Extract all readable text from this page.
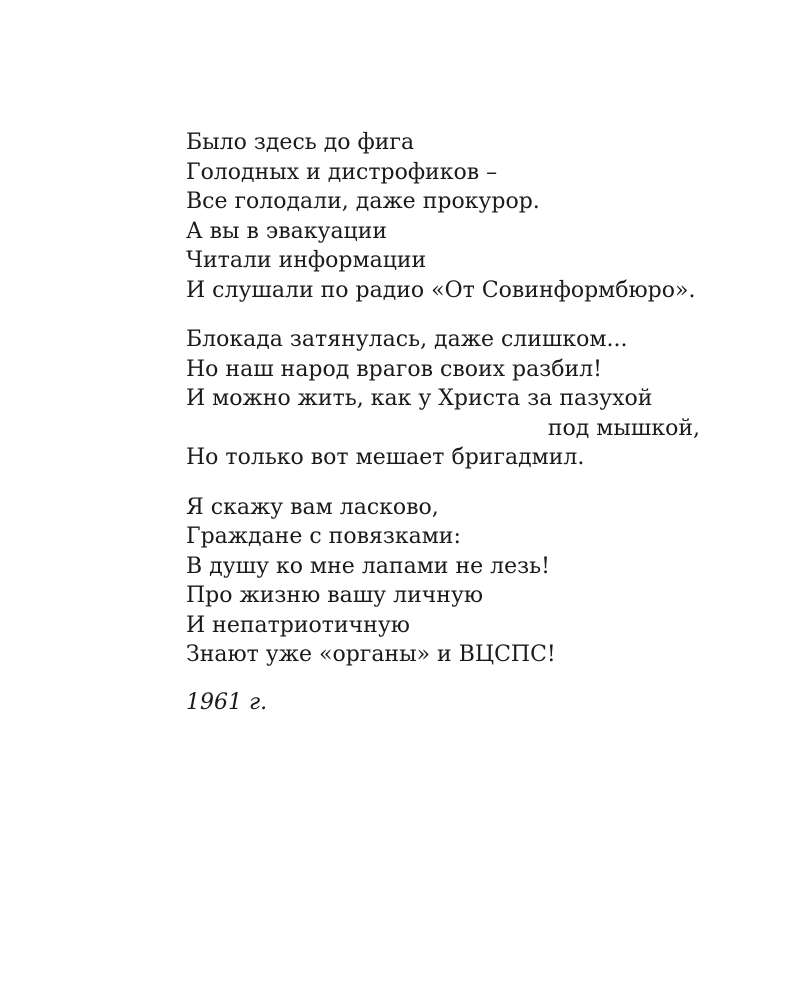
Было здесь до фига
Голодных и дистрофиков –
Все голодали, даже прокурор.
А вы в эвакуации
Читали информации
И слушали по радио «От Совинформбюро».
Блокада затянулась, даже слишком...
Но наш народ врагов своих разбил!
И можно жить, как у Христа за пазухой
под мышкой,
Но только вот мешает бригадмил.
Я скажу вам ласково,
Граждане с повязками:
В душу ко мне лапами не лезь!
Про жизню вашу личную
И непатриотичную
Знают уже «органы» и ВЦСПС!
1961 г.
